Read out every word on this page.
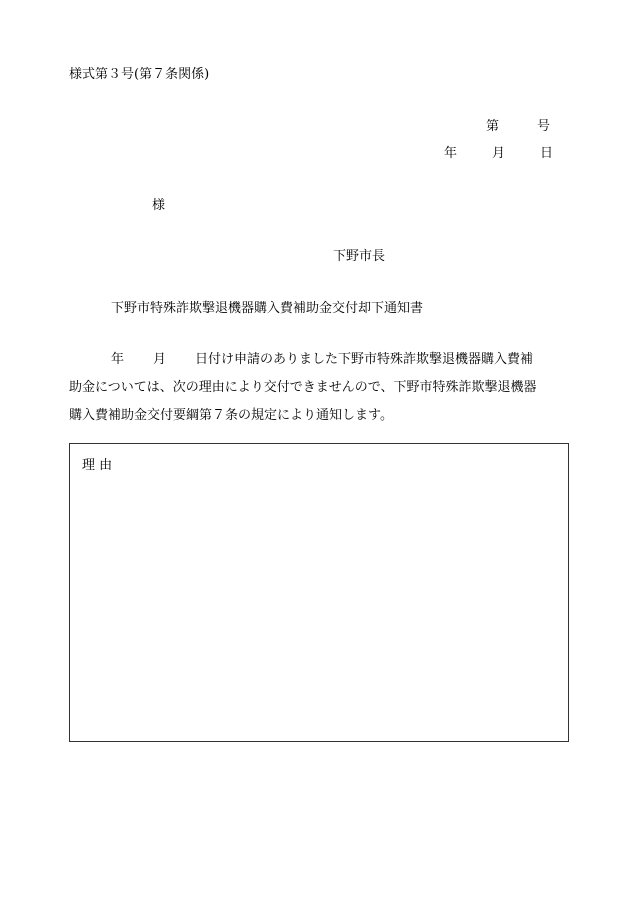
様式第３号(第７条関係)
第	号
年	月	日
様
下野市長
下野市特殊詐欺撃退機器購入費補助金交付却下通知書
年 月 日付け申請のありました下野市特殊詐欺撃退機器購入費補
助金については、次の理由により交付できませんので、下野市特殊詐欺撃退機器
購入費補助金交付要綱第７条の規定により通知します。
理 由
